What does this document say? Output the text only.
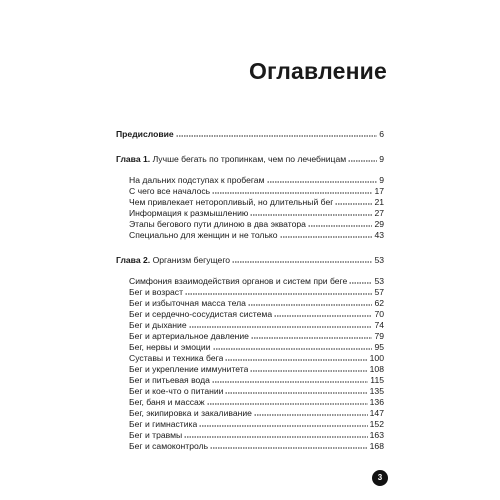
Оглавление
Предисловие	6
Глава 1. Лучше бегать по тропинкам, чем по лечебницам	9
На дальних подступах к пробегам	9
С чего все началось	17
Чем привлекает неторопливый, но длительный бег	21
Информация к размышлению	27
Этапы бегового пути длиною в два экватора	29
Специально для женщин и не только	43
Глава 2. Организм бегущего	53
Симфония взаимодействия органов и систем при беге	53
Бег и возраст	57
Бег и избыточная масса тела	62
Бег и сердечно-сосудистая система	70
Бег и дыхание	74
Бег и артериальное давление	79
Бег, нервы и эмоции	95
Суставы и техника бега	100
Бег и укрепление иммунитета	108
Бег и питьевая вода	115
Бег и кое-что о питании	135
Бег, баня и массаж	136
Бег, экипировка и закаливание	147
Бег и гимнастика	152
Бег и травмы	163
Бег и самоконтроль	168
3
